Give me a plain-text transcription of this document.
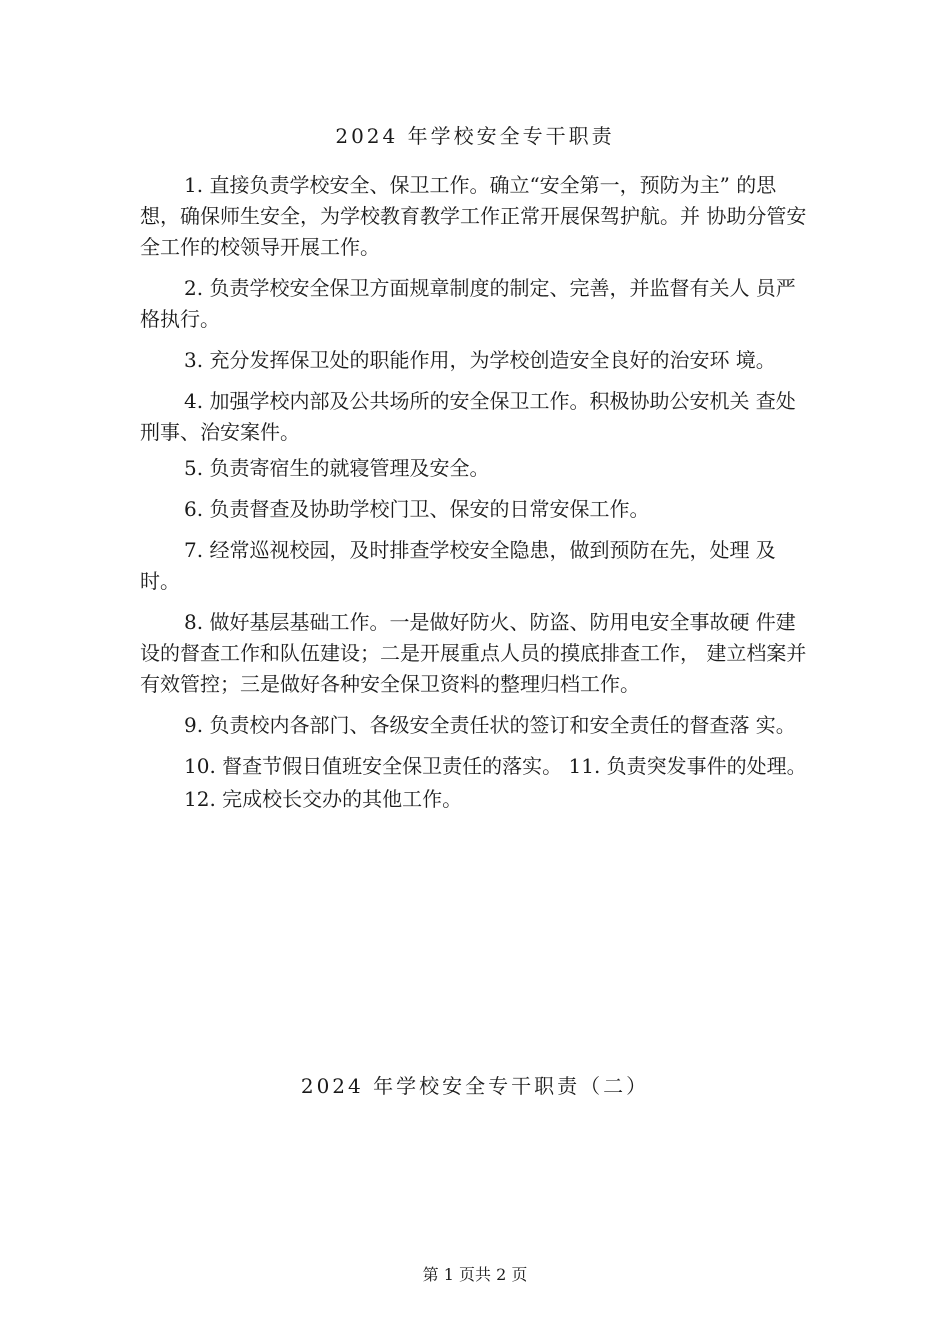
2024 年学校安全专干职责

1. 直接负责学校安全、保卫工作。确立“安全第一，预防为主” 的思想，确保师生安全，为学校教育教学工作正常开展保驾护航。并 协助分管安全工作的校领导开展工作。

2. 负责学校安全保卫方面规章制度的制定、完善，并监督有关人 员严格执行。

3. 充分发挥保卫处的职能作用，为学校创造安全良好的治安环 境。

4. 加强学校内部及公共场所的安全保卫工作。积极协助公安机关 查处刑事、治安案件。

5. 负责寄宿生的就寝管理及安全。

6. 负责督查及协助学校门卫、保安的日常安保工作。

7. 经常巡视校园，及时排查学校安全隐患，做到预防在先，处理 及时。

8. 做好基层基础工作。一是做好防火、防盗、防用电安全事故硬 件建设的督查工作和队伍建设；二是开展重点人员的摸底排查工作， 建立档案并有效管控；三是做好各种安全保卫资料的整理归档工作。

9. 负责校内各部门、各级安全责任状的签订和安全责任的督查落 实。

10. 督查节假日值班安全保卫责任的落实。 11. 负责突发事件的处理。

12. 完成校长交办的其他工作。

2024 年学校安全专干职责（二）
第 1 页共 2 页
